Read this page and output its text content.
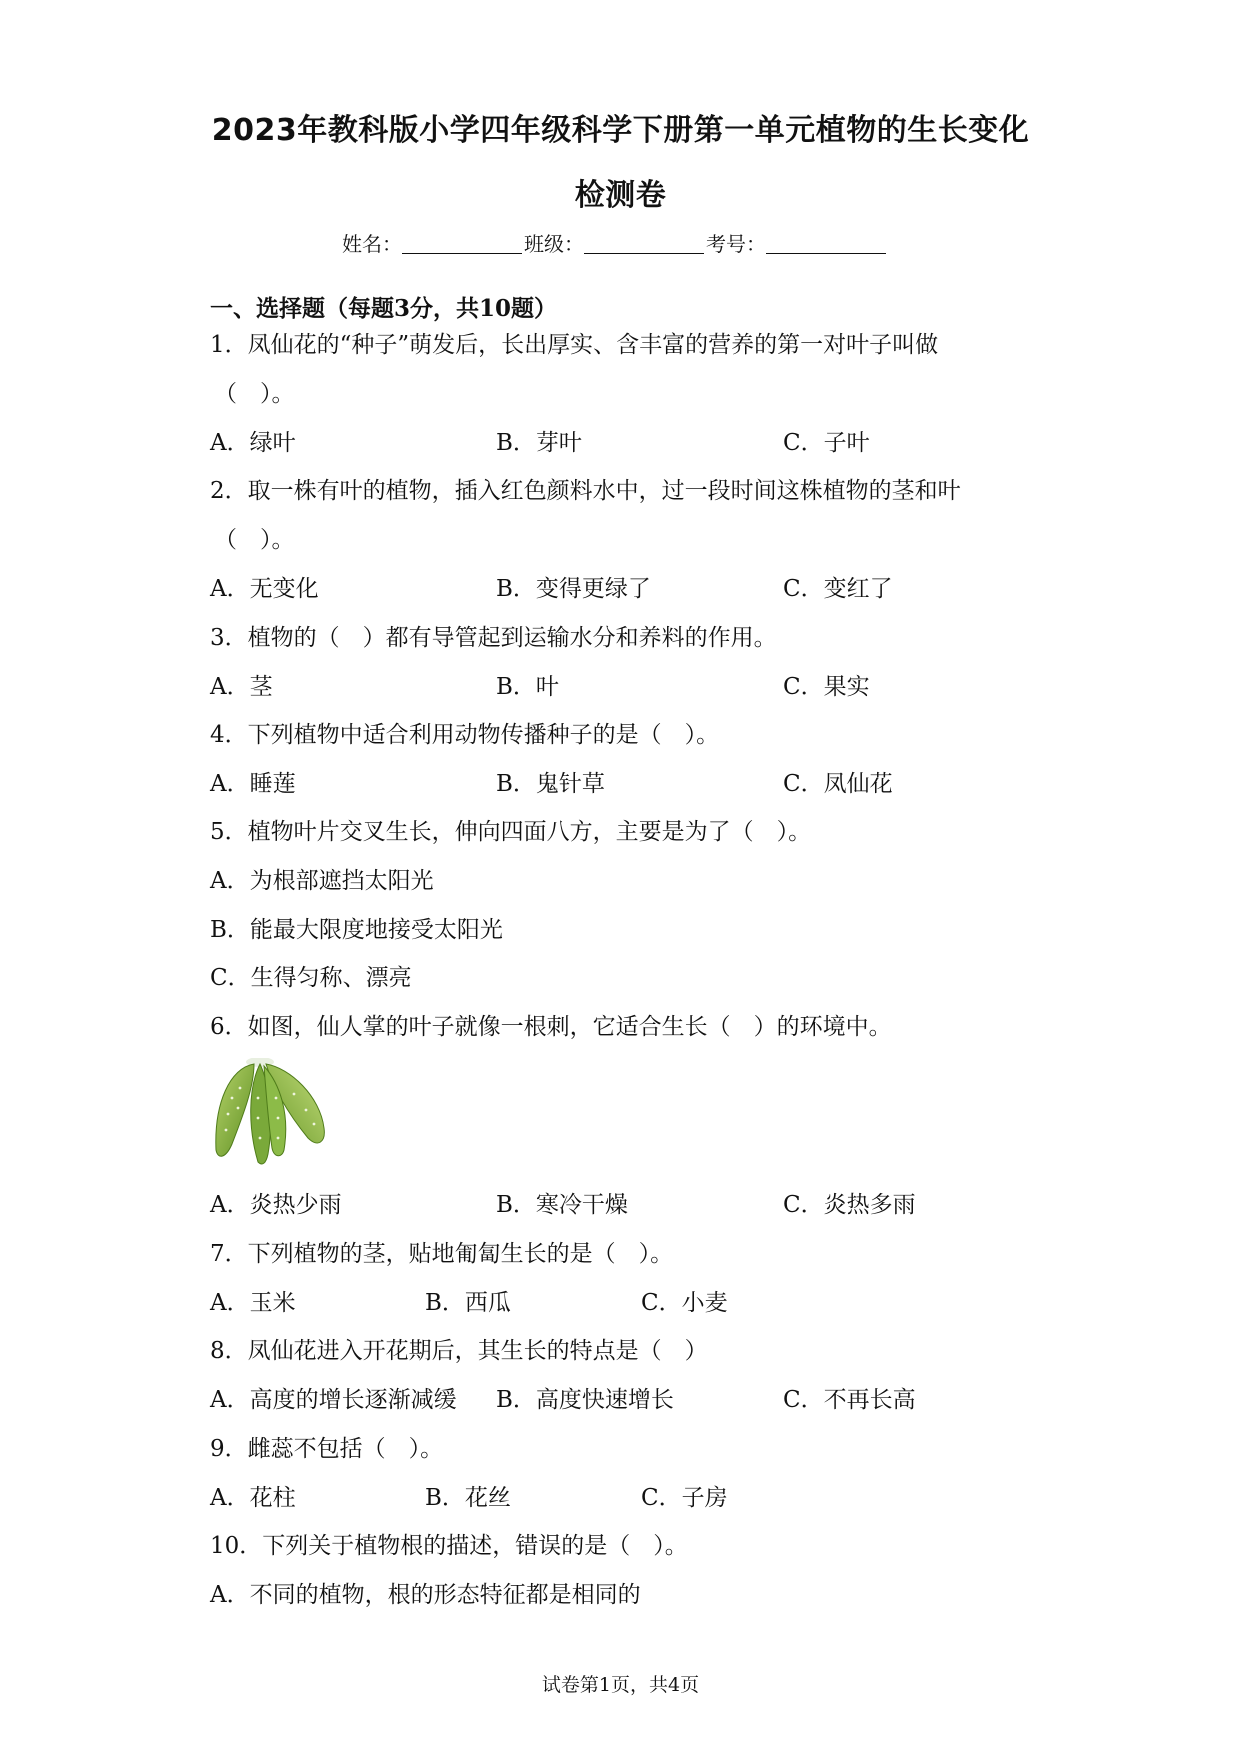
2023年教科版小学四年级科学下册第一单元植物的生长变化
检测卷
姓名：	班级：	考号：
一、选择题（每题3分，共10题）
1．凤仙花的“种子”萌发后，长出厚实、含丰富的营养的第一对叶子叫做
（　）。
A．绿叶	B．芽叶	C．子叶
2．取一株有叶的植物，插入红色颜料水中，过一段时间这株植物的茎和叶
（　）。
A．无变化	B．变得更绿了	C．变红了
3．植物的（　）都有导管起到运输水分和养料的作用。
A．茎	B．叶	C．果实
4．下列植物中适合利用动物传播种子的是（　）。
A．睡莲	B．鬼针草	C．凤仙花
5．植物叶片交叉生长，伸向四面八方，主要是为了（　）。
A．为根部遮挡太阳光
B．能最大限度地接受太阳光
C．生得匀称、漂亮
6．如图，仙人掌的叶子就像一根刺，它适合生长（　）的环境中。
A．炎热少雨	B．寒冷干燥	C．炎热多雨
7．下列植物的茎，贴地匍匐生长的是（　）。
A．玉米	B．西瓜	C．小麦
8．凤仙花进入开花期后，其生长的特点是（　）
A．高度的增长逐渐减缓 B．高度快速增长	C．不再长高
9．雌蕊不包括（　）。
A．花柱	B．花丝	C．子房
10．下列关于植物根的描述，错误的是（　）。
A．不同的植物，根的形态特征都是相同的
试卷第1页，共4页
